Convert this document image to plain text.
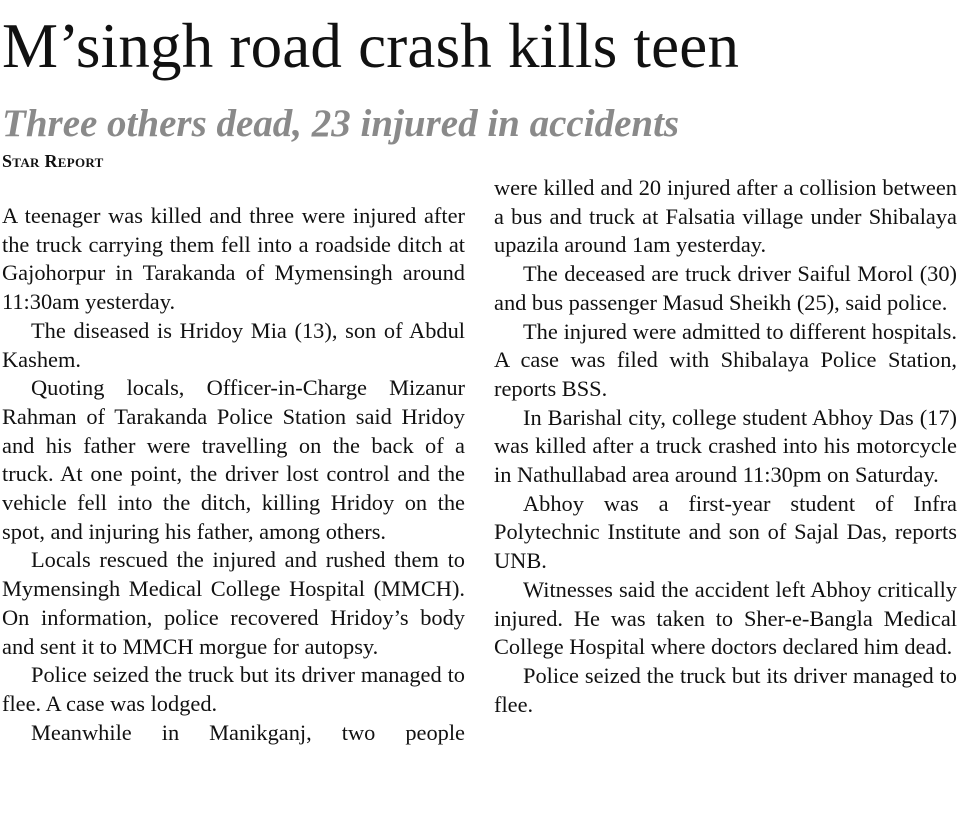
M’singh road crash kills teen
Three others dead, 23 injured in accidents
Star Report

A teenager was killed and three were injured after the truck carrying them fell into a roadside ditch at Gajohorpur in Tarakanda of Mymensingh around 11:30am yesterday.

The diseased is Hridoy Mia (13), son of Abdul Kashem.

Quoting locals, Officer-in-Charge Mizanur Rahman of Tarakanda Police Station said Hridoy and his father were travelling on the back of a truck. At one point, the driver lost control and the vehicle fell into the ditch, killing Hridoy on the spot, and injuring his father, among others.

Locals rescued the injured and rushed them to Mymensingh Medical College Hospital (MMCH). On information, police recovered Hridoy’s body and sent it to MMCH morgue for autopsy.

Police seized the truck but its driver managed to flee. A case was lodged.

Meanwhile in Manikganj, two people

were killed and 20 injured after a collision between a bus and truck at Falsatia village under Shibalaya upazila around 1am yesterday.

The deceased are truck driver Saiful Morol (30) and bus passenger Masud Sheikh (25), said police.

The injured were admitted to different hospitals. A case was filed with Shibalaya Police Station, reports BSS.

In Barishal city, college student Abhoy Das (17) was killed after a truck crashed into his motorcycle in Nathullabad area around 11:30pm on Saturday.

Abhoy was a first-year student of Infra Polytechnic Institute and son of Sajal Das, reports UNB.

Witnesses said the accident left Abhoy critically injured. He was taken to Sher-e-Bangla Medical College Hospital where doctors declared him dead.

Police seized the truck but its driver managed to flee.
